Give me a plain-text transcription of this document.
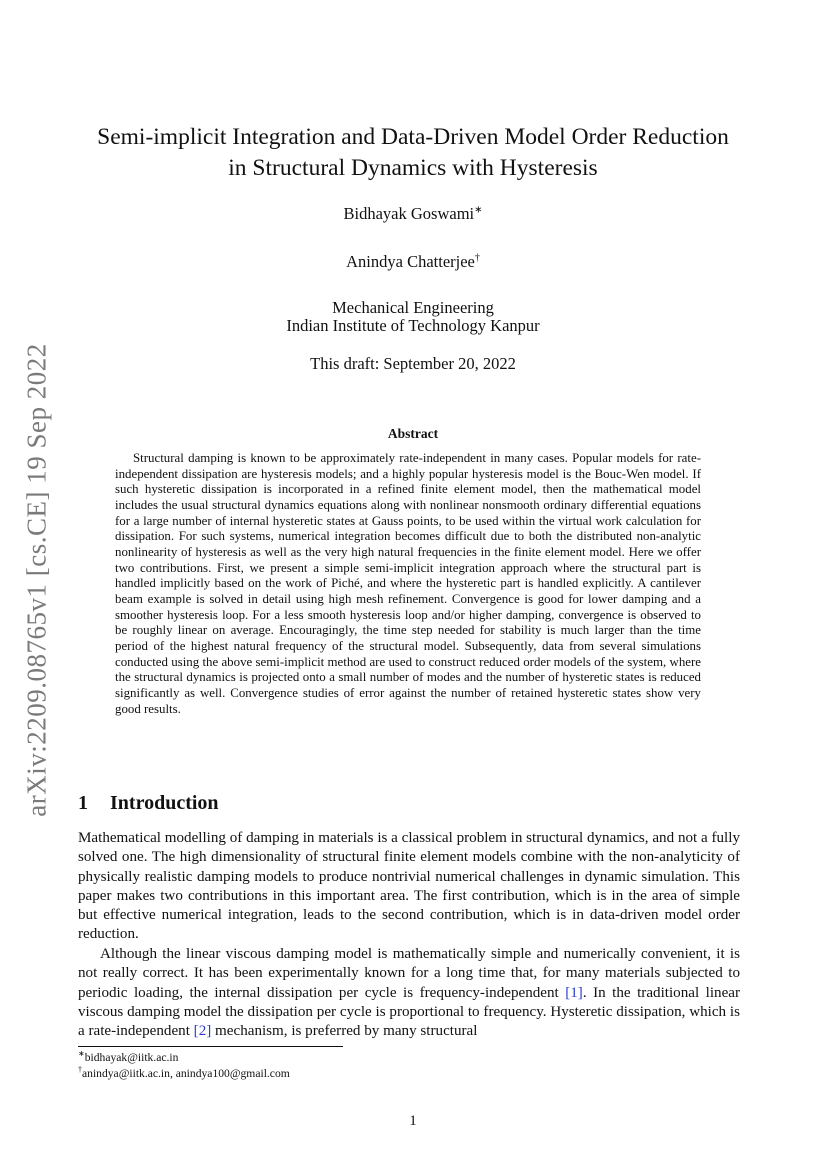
arXiv:2209.08765v1 [cs.CE] 19 Sep 2022
Semi-implicit Integration and Data-Driven Model Order Reduction
in Structural Dynamics with Hysteresis
Bidhayak Goswami∗
Anindya Chatterjee†
Mechanical Engineering
Indian Institute of Technology Kanpur
This draft: September 20, 2022
Abstract

Structural damping is known to be approximately rate-independent in many cases. Popular models for rate-independent dissipation are hysteresis models; and a highly popular hysteresis model is the Bouc-Wen model. If such hysteretic dissipation is incorporated in a refined finite element model, then the mathematical model includes the usual structural dynamics equations along with nonlinear nonsmooth ordinary differential equations for a large number of internal hysteretic states at Gauss points, to be used within the virtual work calculation for dissipation. For such systems, numerical integration becomes difficult due to both the distributed non-analytic nonlinearity of hysteresis as well as the very high natural frequencies in the finite element model. Here we offer two contributions. First, we present a simple semi-implicit integration approach where the structural part is handled implicitly based on the work of Piché, and where the hysteretic part is handled explicitly. A cantilever beam example is solved in detail using high mesh refinement. Convergence is good for lower damping and a smoother hysteresis loop. For a less smooth hysteresis loop and/or higher damping, convergence is observed to be roughly linear on average. Encouragingly, the time step needed for stability is much larger than the time period of the highest natural frequency of the structural model. Subsequently, data from several simulations conducted using the above semi-implicit method are used to construct reduced order models of the system, where the structural dynamics is projected onto a small number of modes and the number of hysteretic states is reduced significantly as well. Convergence studies of error against the number of retained hysteretic states show very good results.

1 Introduction

Mathematical modelling of damping in materials is a classical problem in structural dynamics, and not a fully solved one. The high dimensionality of structural finite element models combine with the non-analyticity of physically realistic damping models to produce nontrivial numerical challenges in dynamic simulation. This paper makes two contributions in this important area. The first contribution, which is in the area of simple but effective numerical integration, leads to the second contribution, which is in data-driven model order reduction.

Although the linear viscous damping model is mathematically simple and numerically convenient, it is not really correct. It has been experimentally known for a long time that, for many materials subjected to periodic loading, the internal dissipation per cycle is frequency-independent [1]. In the traditional linear viscous damping model the dissipation per cycle is proportional to frequency. Hysteretic dissipation, which is a rate-independent [2] mechanism, is preferred by many structural

∗bidhayak@iitk.ac.in
†anindya@iitk.ac.in, anindya100@gmail.com
1
